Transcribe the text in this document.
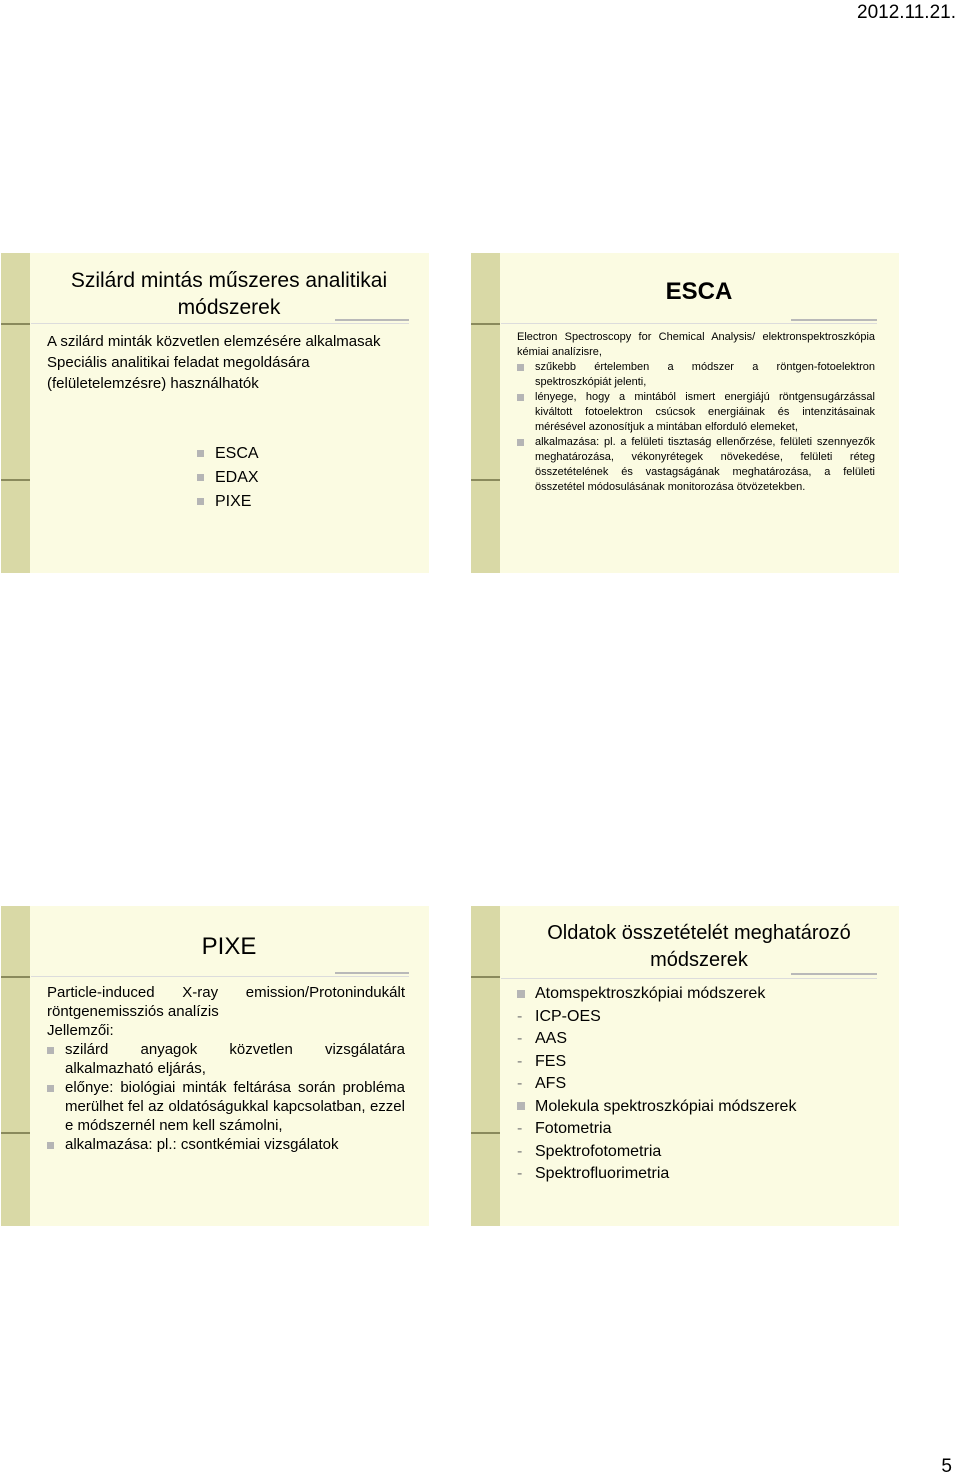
2012.11.21.
Szilárd mintás műszeres analitikai módszerek

A szilárd minták közvetlen elemzésére alkalmasak

Speciális analitikai feladat megoldására (felületelemzésre) használhatók

ESCA
EDAX
PIXE
ESCA
Electron Spectroscopy for Chemical Analysis/ elektronspektroszkópia kémiai analízisre,
szűkebb értelemben a módszer a röntgen-fotoelektron spektroszkópiát jelenti,
lényege, hogy a mintából ismert energiájú röntgensugárzással kiváltott fotoelektron csúcsok energiáinak és intenzitásainak mérésével azonosítjuk a mintában elforduló elemeket,
alkalmazása: pl. a felületi tisztaság ellenőrzése, felületi szennyezők meghatározása, vékonyrétegek növekedése, felületi réteg összetételének és vastagságának meghatározása, a felületi összetétel módosulásának monitorozása ötvözetekben.
PIXE
Particle-induced X-ray emission/Protonindukált röntgenemissziós analízis
Jellemzői:
szilárd anyagok közvetlen vizsgálatára alkalmazható eljárás,
előnye: biológiai minták feltárása során probléma merülhet fel az oldatóságukkal kapcsolatban, ezzel e módszernél nem kell számolni,
alkalmazása: pl.: csontkémiai vizsgálatok
Oldatok összetételét meghatározó módszerek
Atomspektroszkópiai módszerek
- ICP-OES
- AAS
- FES
- AFS
Molekula spektroszkópiai módszerek
- Fotometria
- Spektrofotometria
- Spektrofluorimetria
5
